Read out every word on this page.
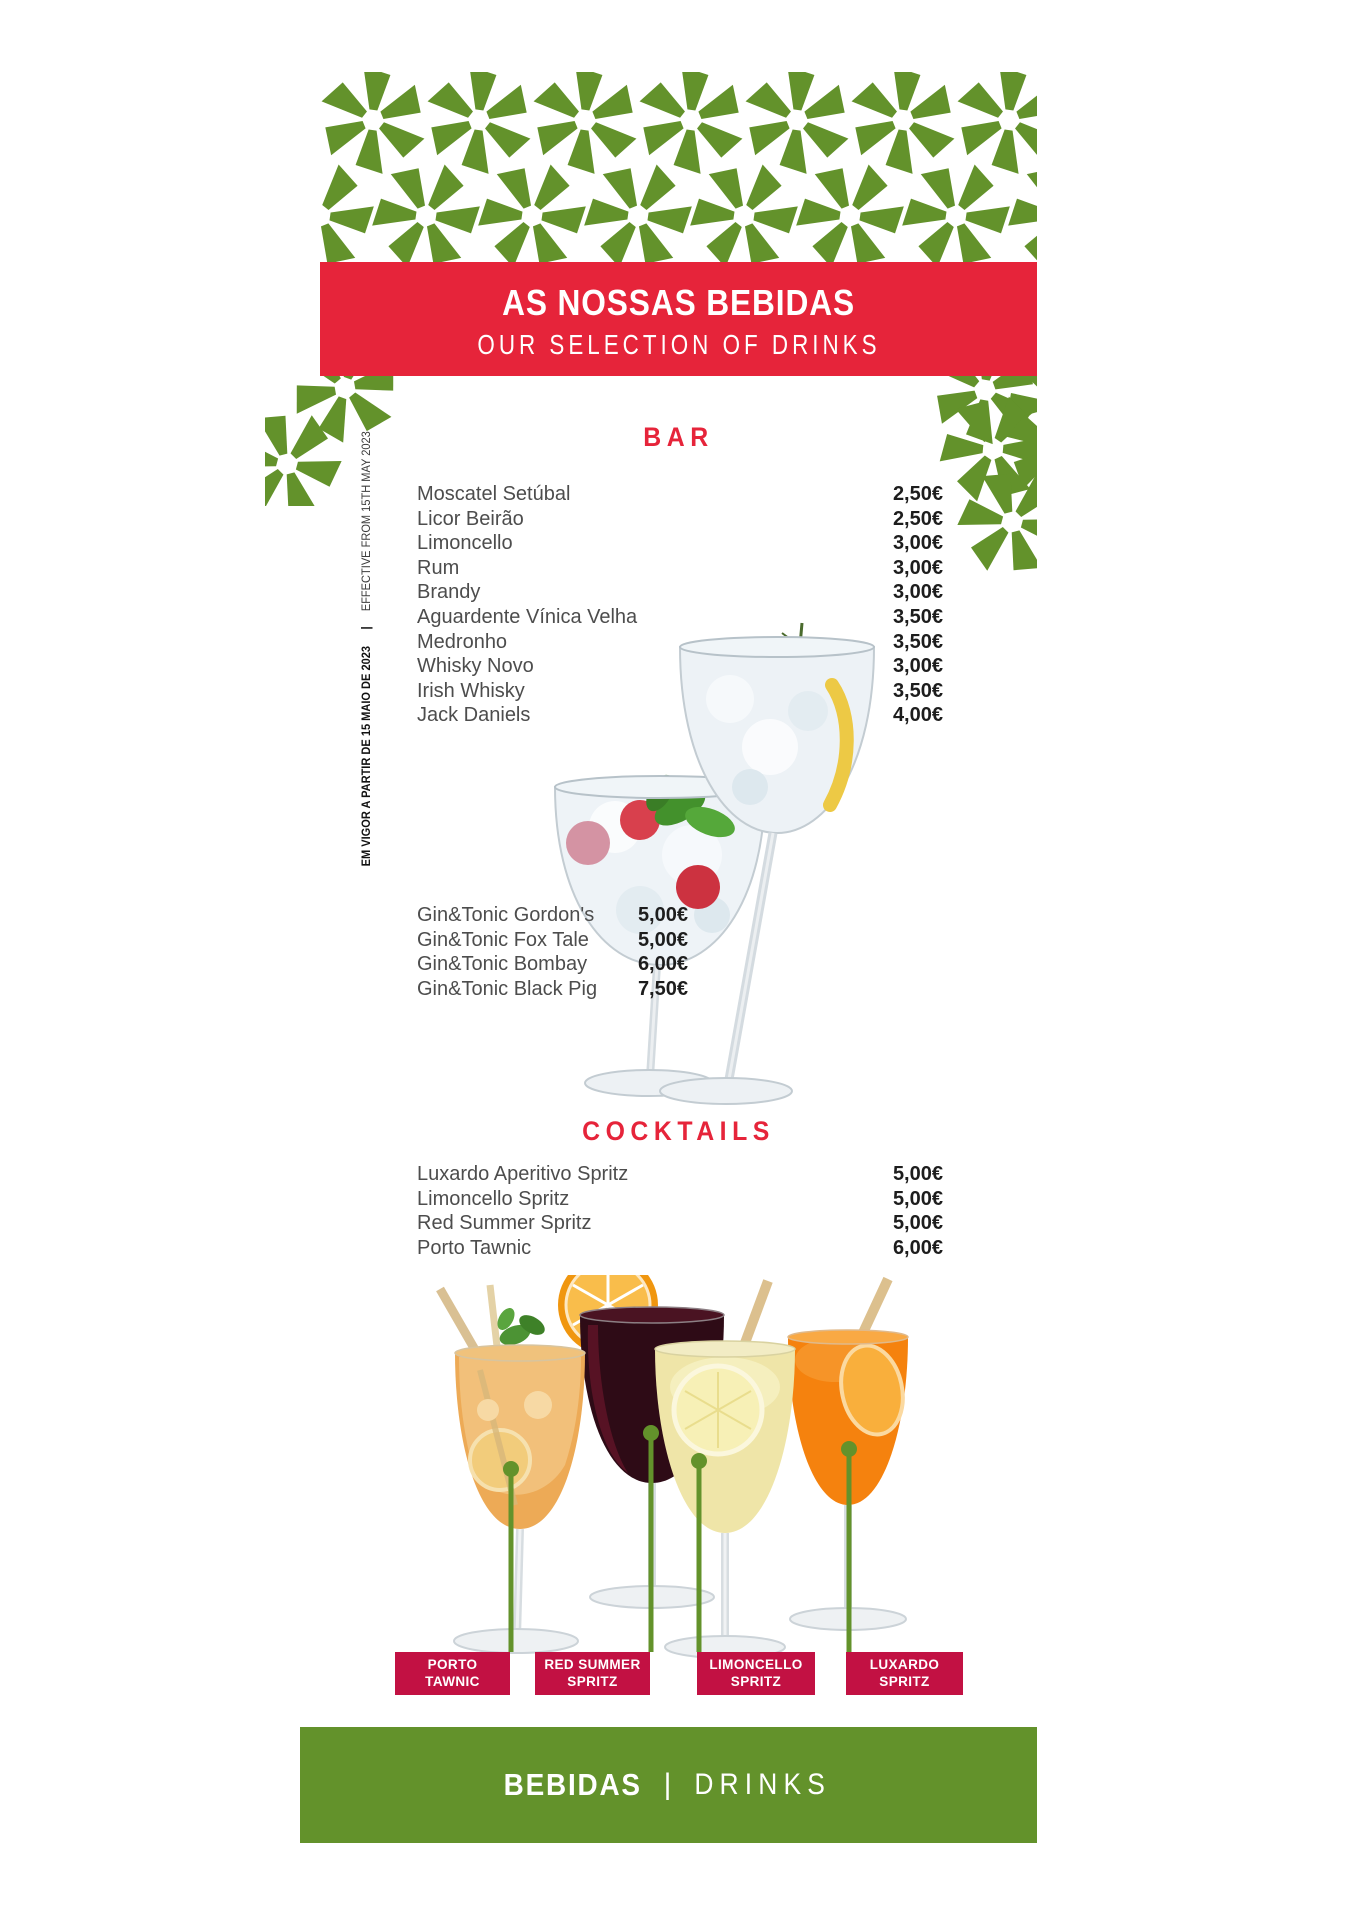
AS NOSSAS BEBIDAS
OUR SELECTION OF DRINKS
EM VIGOR A PARTIR DE 15 MAIO DE 2023
|
EFFECTIVE FROM 15TH MAY 2023	BAR
Moscatel Setúbal	2,50€
Licor Beirão	2,50€
Limoncello	3,00€
Rum	3,00€
Brandy	3,00€
Aguardente Vínica Velha	3,50€
Medronho	3,50€
Whisky Novo	3,00€
Irish Whisky	3,50€
Jack Daniels	4,00€
Gin&Tonic Gordon's 5,00€
Gin&Tonic Fox Tale 5,00€
Gin&Tonic Bombay	6,00€
Gin&Tonic Black Pig 7,50€
COCKTAILS
Luxardo Aperitivo Spritz	5,00€
Limoncello Spritz	5,00€
Red Summer Spritz	5,00€
Porto Tawnic	6,00€
PORTO
TAWNIC
RED SUMMER
SPRITZ
LIMONCELLO
SPRITZ
LUXARDO
SPRITZ
BEBIDAS | DRINKS
